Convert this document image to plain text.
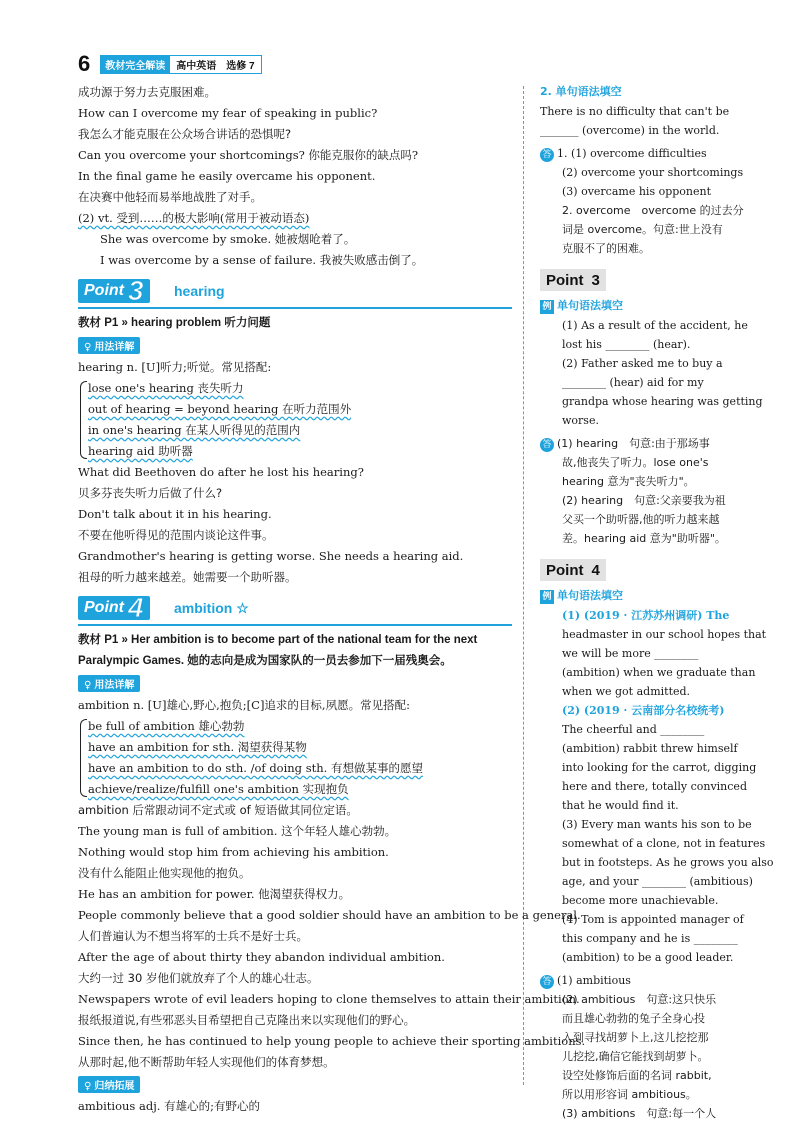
6	教材完全解读	高中英语　选修 7
成功源于努力去克服困难。
How can I overcome my fear of speaking in public?
我怎么才能克服在公众场合讲话的恐惧呢?
Can you overcome your shortcomings? 你能克服你的缺点吗?
In the final game he easily overcame his opponent.
在决赛中他轻而易举地战胜了对手。
(2) vt. 受到……的极大影响(常用于被动语态)
She was overcome by smoke. 她被烟呛着了。
I was overcome by a sense of failure. 我被失败感击倒了。
Point 3 hearing
教材 P1 » hearing problem 听力问题
♀ 用法详解
hearing n. [U]听力;听觉。常见搭配:
lose one's hearing 丧失听力
out of hearing = beyond hearing 在听力范围外
in one's hearing 在某人听得见的范围内
hearing aid 助听器
What did Beethoven do after he lost his hearing?
贝多芬丧失听力后做了什么?
Don't talk about it in his hearing.
不要在他听得见的范围内谈论这件事。
Grandmother's hearing is getting worse. She needs a hearing aid.
祖母的听力越来越差。她需要一个助听器。
Point 4 ambition ☆
教材 P1 » Her ambition is to become part of the national team for the next
Paralympic Games. 她的志向是成为国家队的一员去参加下一届残奥会。
♀ 用法详解
ambition n. [U]雄心,野心,抱负;[C]追求的目标,夙愿。常见搭配:
be full of ambition 雄心勃勃
have an ambition for sth. 渴望获得某物
have an ambition to do sth. /of doing sth. 有想做某事的愿望
achieve/realize/fulfill one's ambition 实现抱负
ambition 后常跟动词不定式或 of 短语做其同位定语。
The young man is full of ambition. 这个年轻人雄心勃勃。
Nothing would stop him from achieving his ambition.
没有什么能阻止他实现他的抱负。
He has an ambition for power. 他渴望获得权力。
People commonly believe that a good soldier should have an ambition to be a general.
人们普遍认为不想当将军的士兵不是好士兵。
After the age of about thirty they abandon individual ambition.
大约一过 30 岁他们就放弃了个人的雄心壮志。
Newspapers wrote of evil leaders hoping to clone themselves to attain their ambition.
报纸报道说,有些邪恶头目希望把自己克隆出来以实现他们的野心。
Since then, he has continued to help young people to achieve their sporting ambitions.
从那时起,他不断帮助年轻人实现他们的体育梦想。
♀ 归纳拓展
ambitious adj. 有雄心的;有野心的
2. 单句语法填空
There is no difficulty that can't be
_______ (overcome) in the world.
答 1. (1) overcome difficulties
(2) overcome your shortcomings
(3) overcame his opponent
2. overcome　overcome 的过去分
词是 overcome。句意:世上没有
克服不了的困难。
Point 3
例 单句语法填空
(1) As a result of the accident, he
lost his ________ (hear).
(2) Father asked me to buy a
________ (hear) aid for my
grandpa whose hearing was getting
worse.
答 (1) hearing　句意:由于那场事
故,他丧失了听力。lose one's
hearing 意为"丧失听力"。
(2) hearing　句意:父亲要我为祖
父买一个助听器,他的听力越来越
差。hearing aid 意为"助听器"。
Point 4
例 单句语法填空
(1) (2019 · 江苏苏州调研) The
headmaster in our school hopes that
we will be more ________
(ambition) when we graduate than
when we got admitted.
(2) (2019 · 云南部分名校统考)
The cheerful and ________
(ambition) rabbit threw himself
into looking for the carrot, digging
here and there, totally convinced
that he would find it.
(3) Every man wants his son to be
somewhat of a clone, not in features
but in footsteps. As he grows you also
age, and your ________ (ambitious)
become more unachievable.
(4) Tom is appointed manager of
this company and he is ________
(ambition) to be a good leader.
答 (1) ambitious
(2) ambitious　句意:这只快乐
而且雄心勃勃的兔子全身心投
入到寻找胡萝卜上,这儿挖挖那
儿挖挖,确信它能找到胡萝卜。
设空处修饰后面的名词 rabbit,
所以用形容词 ambitious。
(3) ambitions　句意:每一个人
